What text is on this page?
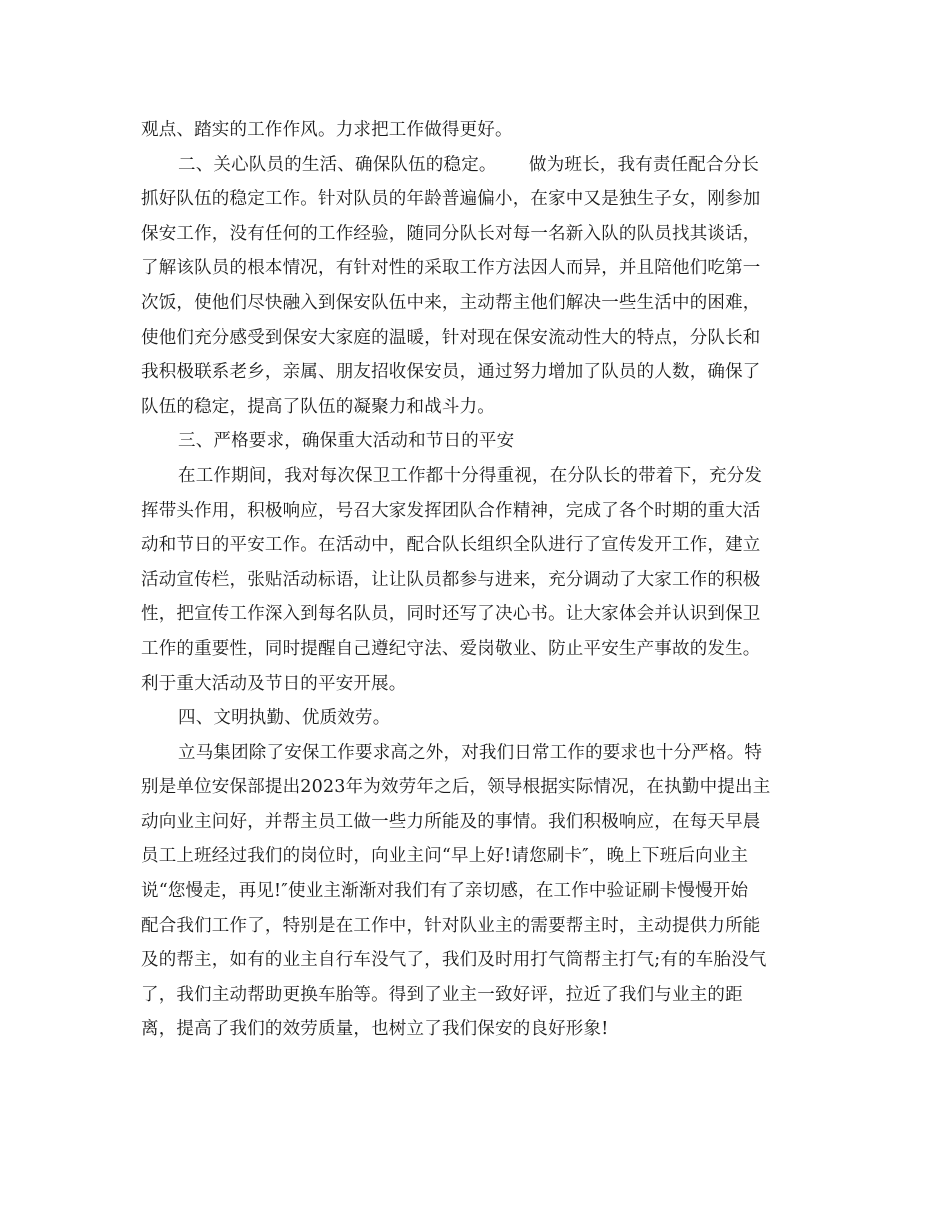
观点、踏实的工作作风。力求把工作做得更好。
二、关心队员的生活、确保队伍的稳定。　　 做为班长，我有责任配合分长
抓好队伍的稳定工作。针对队员的年龄普遍偏小，在家中又是独生子女，刚参加
保安工作，没有任何的工作经验，随同分队长对每一名新入队的队员找其谈话，
了解该队员的根本情况，有针对性的采取工作方法因人而异，并且陪他们吃第一
次饭，使他们尽快融入到保安队伍中来，主动帮主他们解决一些生活中的困难，
使他们充分感受到保安大家庭的温暖，针对现在保安流动性大的特点，分队长和
我积极联系老乡，亲属、朋友招收保安员，通过努力增加了队员的人数，确保了
队伍的稳定，提高了队伍的凝聚力和战斗力。
三、严格要求，确保重大活动和节日的平安
在工作期间，我对每次保卫工作都十分得重视，在分队长的带着下，充分发
挥带头作用，积极响应，号召大家发挥团队合作精神，完成了各个时期的重大活
动和节日的平安工作。在活动中，配合队长组织全队进行了宣传发开工作，建立
活动宣传栏，张贴活动标语，让让队员都参与进来，充分调动了大家工作的积极
性，把宣传工作深入到每名队员，同时还写了决心书。让大家体会并认识到保卫
工作的重要性，同时提醒自己遵纪守法、爱岗敬业、防止平安生产事故的发生。
利于重大活动及节日的平安开展。
四、文明执勤、优质效劳。
立马集团除了安保工作要求高之外，对我们日常工作的要求也十分严格。特
别是单位安保部提出2023年为效劳年之后，领导根据实际情况，在执勤中提出主
动向业主问好，并帮主员工做一些力所能及的事情。我们积极响应，在每天早晨
员工上班经过我们的岗位时，向业主问“早上好!请您刷卡″，晚上下班后向业主
说“您慢走，再见!″使业主渐渐对我们有了亲切感，在工作中验证刷卡慢慢开始
配合我们工作了，特别是在工作中，针对队业主的需要帮主时，主动提供力所能
及的帮主，如有的业主自行车没气了，我们及时用打气筒帮主打气;有的车胎没气
了，我们主动帮助更换车胎等。得到了业主一致好评，拉近了我们与业主的距
离，提高了我们的效劳质量，也树立了我们保安的良好形象!
